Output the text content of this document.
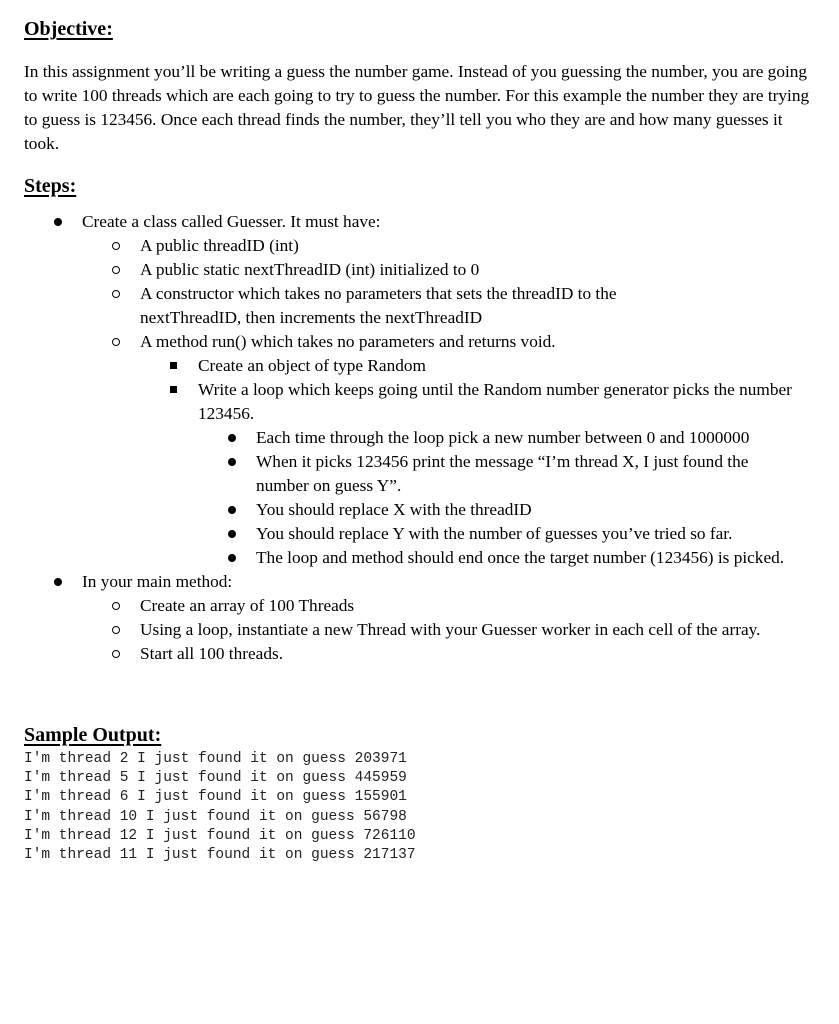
Objective:

In this assignment you’ll be writing a guess the number game. Instead of you guessing the number, you are going to write 100 threads which are each going to try to guess the number. For this example the number they are trying to guess is 123456. Once each thread finds the number, they’ll tell you who they are and how many guesses it took.

Steps:
Create a class called Guesser. It must have:
A public threadID (int)
A public static nextThreadID (int) initialized to 0
A constructor which takes no parameters that sets the threadID to the nextThreadID, then increments the nextThreadID
A method run() which takes no parameters and returns void.
Create an object of type Random
Write a loop which keeps going until the Random number generator picks the number 123456.
Each time through the loop pick a new number between 0 and 1000000
When it picks 123456 print the message “I’m thread X, I just found the number on guess Y”.
You should replace X with the threadID
You should replace Y with the number of guesses you’ve tried so far.
The loop and method should end once the target number (123456) is picked.
In your main method:
Create an array of 100 Threads
Using a loop, instantiate a new Thread with your Guesser worker in each cell of the array.
Start all 100 threads.
Sample Output:
I'm thread 2 I just found it on guess 203971
I'm thread 5 I just found it on guess 445959
I'm thread 6 I just found it on guess 155901
I'm thread 10 I just found it on guess 56798
I'm thread 12 I just found it on guess 726110
I'm thread 11 I just found it on guess 217137
